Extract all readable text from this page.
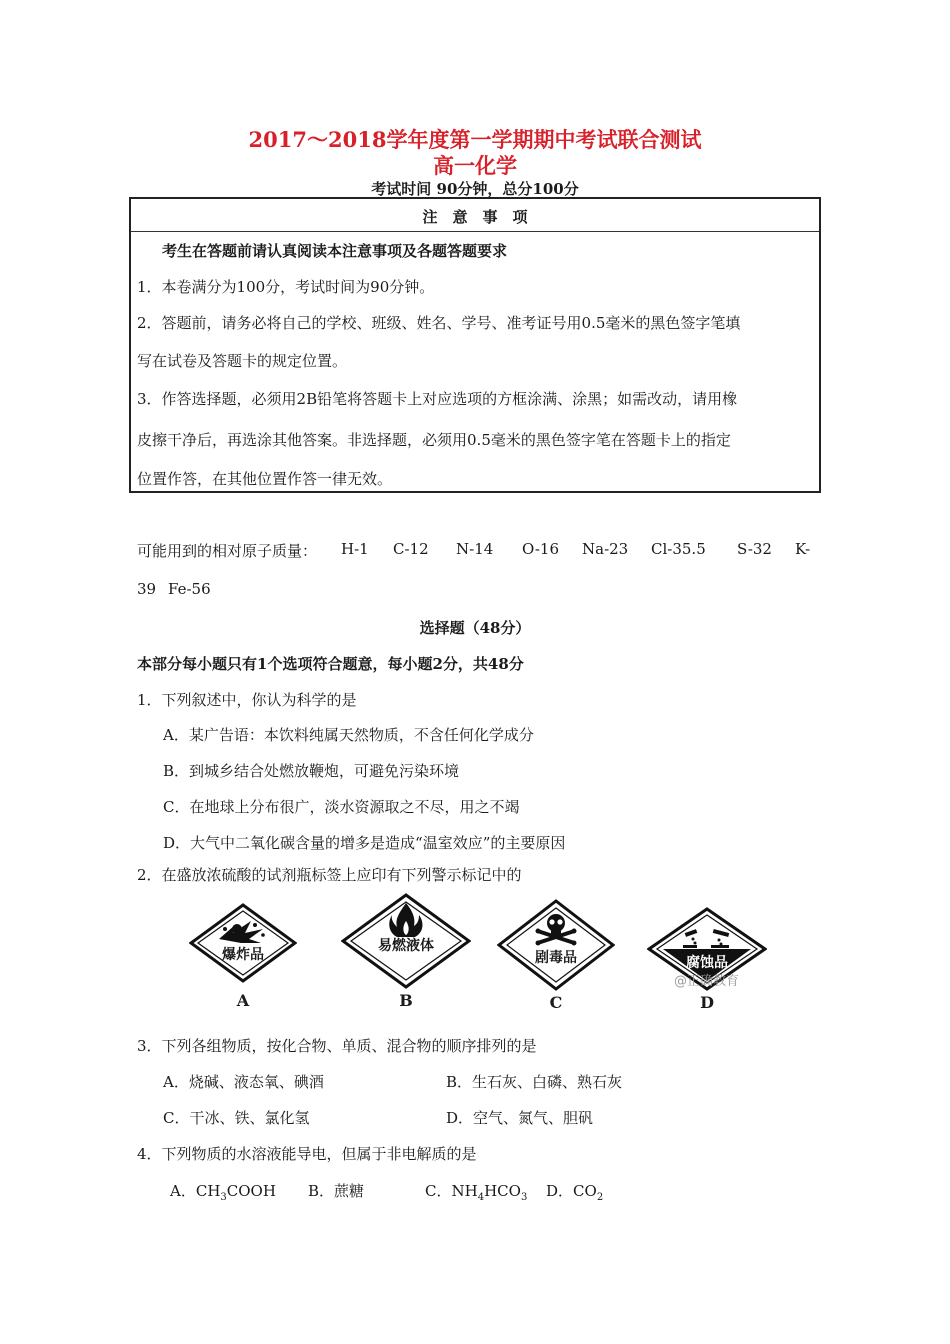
2017～2018学年度第一学期期中考试联合测试
高一化学
考试时间 90分钟，总分100分
注　意　事　项
考生在答题前请认真阅读本注意事项及各题答题要求
1．本卷满分为100分，考试时间为90分钟。
2．答题前，请务必将自己的学校、班级、姓名、学号、准考证号用0.5毫米的黑色签字笔填
写在试卷及答题卡的规定位置。
3．作答选择题，必须用2B铅笔将答题卡上对应选项的方框涂满、涂黑；如需改动，请用橡
皮擦干净后，再选涂其他答案。非选择题，必须用0.5毫米的黑色签字笔在答题卡上的指定
位置作答，在其他位置作答一律无效。
可能用到的相对原子质量： H-1 C-12 N-14 O-16 Na-23 Cl-35.5 S-32 K-
39 Fe-56
选择题（48分）
本部分每小题只有1个选项符合题意，每小题2分，共48分
1．下列叙述中，你认为科学的是
A．某广告语：本饮料纯属天然物质，不含任何化学成分
B．到城乡结合处燃放鞭炮，可避免污染环境
C．在地球上分布很广，淡水资源取之不尽，用之不竭
D．大气中二氧化碳含量的增多是造成“温室效应”的主要原因
2．在盛放浓硫酸的试剂瓶标签上应印有下列警示标记中的
爆炸品
A
易燃液体
B
剧毒品
C
腐蚀品
@正确教育
D
3．下列各组物质，按化合物、单质、混合物的顺序排列的是
A．烧碱、液态氧、碘酒	B．生石灰、白磷、熟石灰
C．干冰、铁、氯化氢	D．空气、氮气、胆矾
4．下列物质的水溶液能导电，但属于非电解质的是
A．$CH_3COOH$ B．蔗糖	C．$NH_4HCO_3$ D．$CO_2$
